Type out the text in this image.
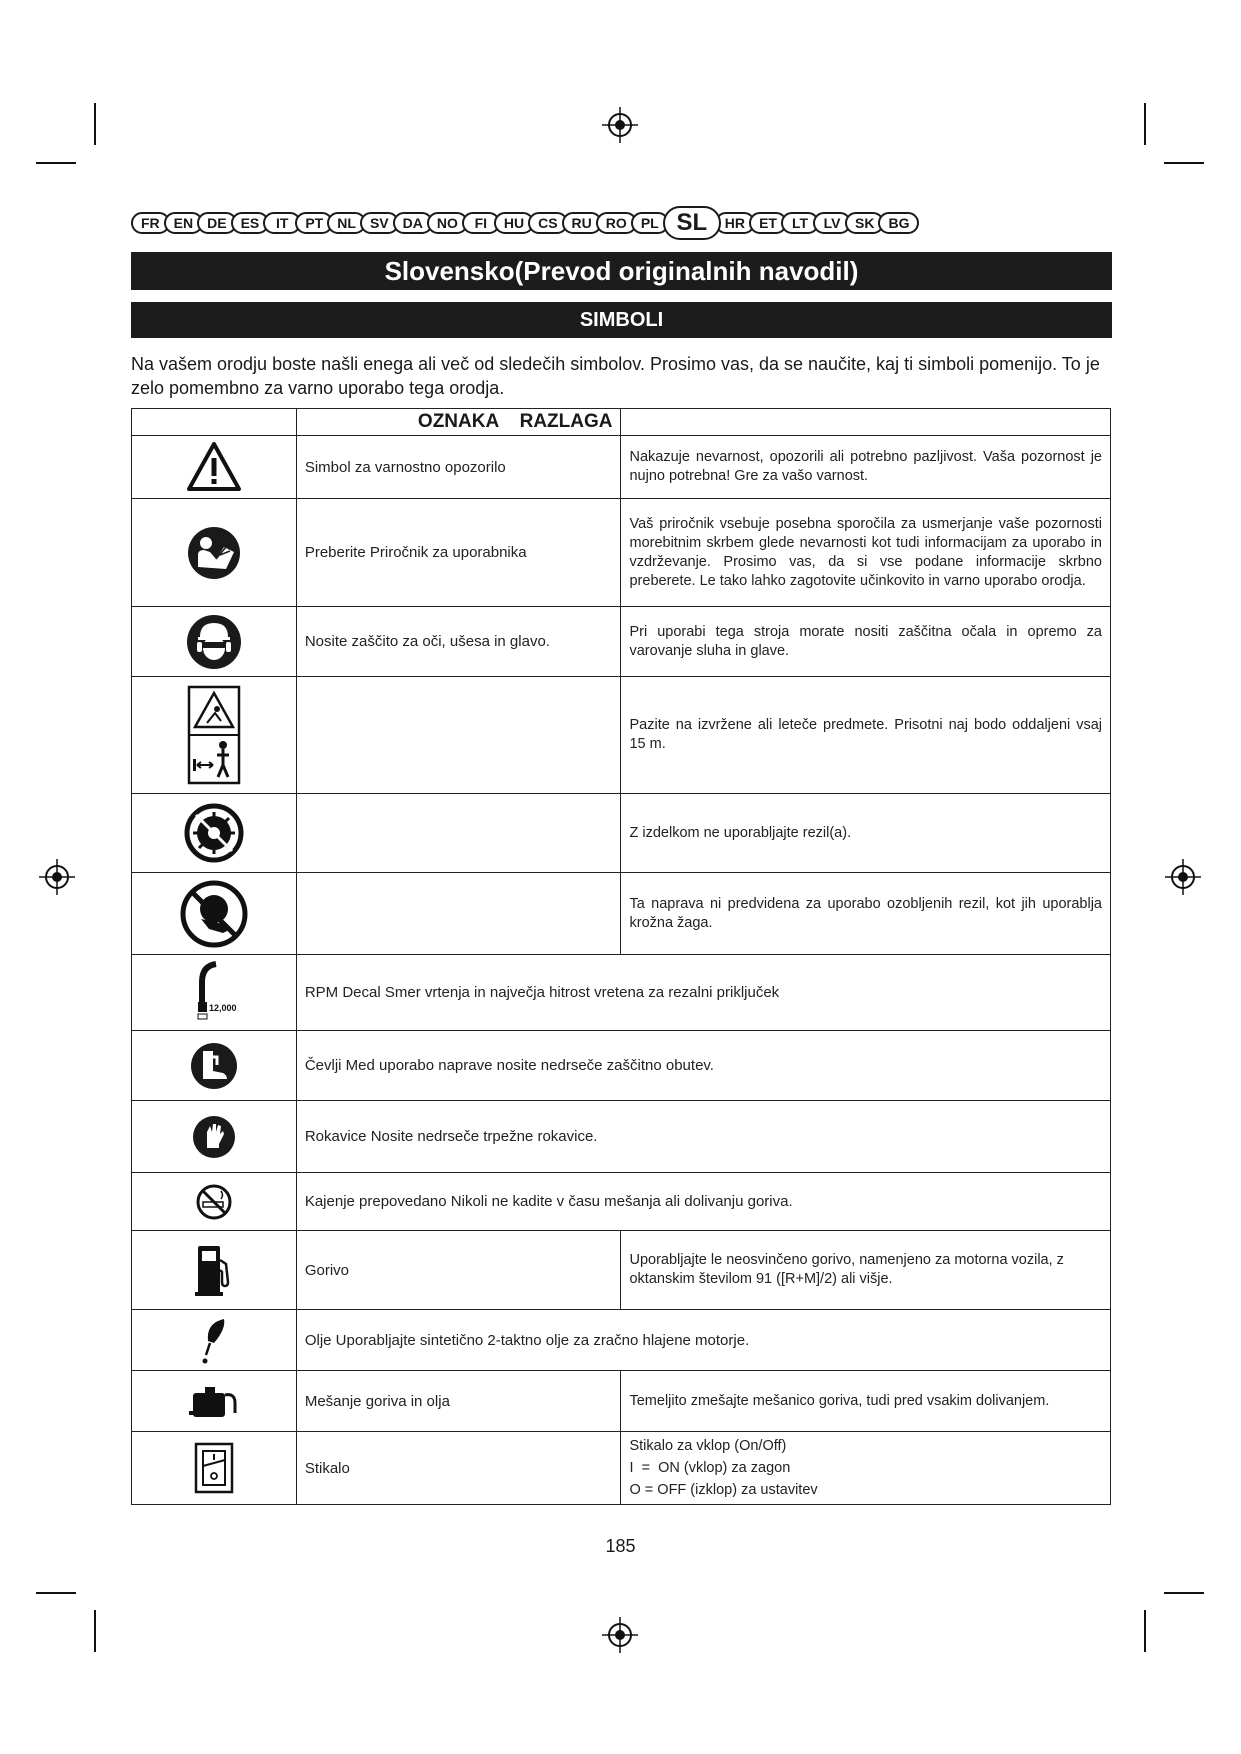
FR	EN	DE	ES	IT	PT	NL	SV	DA	NO	FI	HU	CS	RU	RO	PL SL	HR	ET	LT	LV	SK	BG
Slovensko(Prevod originalnih navodil)
SIMBOLI
Na vašem orodju boste našli enega ali več od sledečih simbolov. Prosimo vas, da se naučite, kaj ti simboli pomenijo. To je zelo pomembno za varno uporabo tega orodja.
	OZNAKA    RAZLAGA	

	Simbol za varnostno opozorilo	Nakazuje nevarnost, opozorili ali potrebno pazljivost. Vaša pozornost je nujno potrebna! Gre za vašo varnost.

	Preberite Priročnik za uporabnika	Vaš priročnik vsebuje posebna sporočila za usmerjanje vaše pozornosti morebitnim skrbem glede nevarnosti kot tudi informacijam za uporabo in vzdrževanje. Prosimo vas, da si vse podane informacije skrbno preberete. Le tako lahko zagotovite učinkovito in varno uporabo orodja.

	Nosite zaščito za oči, ušesa in glavo.	Pri uporabi tega stroja morate nositi zaščitna očala in opremo za varovanje sluha in glave.

		Pazite na izvržene ali leteče predmete. Prisotni naj bodo oddaljeni vsaj 15 m.

		Z izdelkom ne uporabljajte rezil(a).

		Ta naprava ni predvidena za uporabo ozobljenih rezil, kot jih uporablja krožna žaga.

12,000	RPM Decal Smer vrtenja in največja hitrost vretena za rezalni priključek	

	Čevlji Med uporabo naprave nosite nedrseče zaščitno obutev.	

	Rokavice Nosite nedrseče trpežne rokavice.	

	Kajenje prepovedano Nikoli ne kadite v času mešanja ali dolivanju goriva.	

	Gorivo	Uporabljajte le neosvinčeno gorivo, namenjeno za motorna vozila, z oktanskim številom 91 ([R+M]/2) ali višje.

	Olje Uporabljajte sintetično 2-taktno olje za zračno hlajene motorje.	

	Mešanje goriva in olja	Temeljito zmešajte mešanico goriva, tudi pred vsakim dolivanjem.

	Stikalo	Stikalo za vklop (On/Off)
I  =  ON (vklop) za zagon
O = OFF (izklop) za ustavitev
185
